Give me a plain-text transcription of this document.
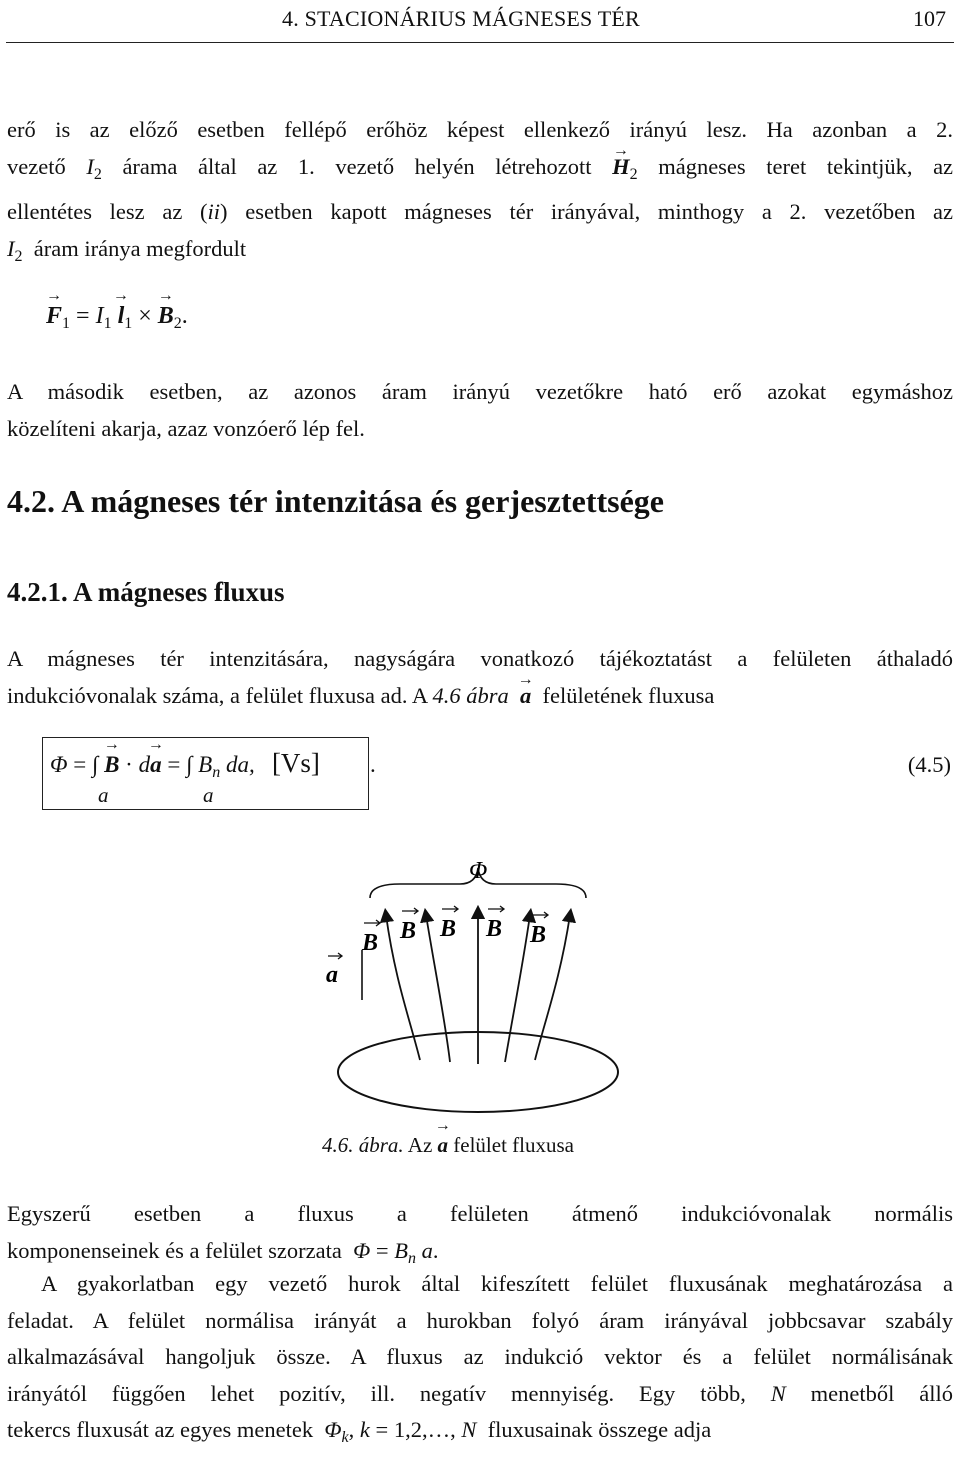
4. STACIONÁRIUS MÁGNESES TÉR	107
erő is az előző esetben fellépő erőhöz képest ellenkező irányú lesz. Ha azonban a 2.
vezető $I_2$ árama által az 1. vezető helyén létrehozott → $H_2$ mágneses teret tekintjük, az
ellentétes lesz az (ii) esetben kapott mágneses tér irányával, minthogy a 2. vezetőben az
$I_2$ áram iránya megfordult
→ $F_1 = I_1 \to l_1$ × → $B_2$.
A második esetben, az azonos áram irányú vezetőkre ható erő azokat egymáshoz
közelíteni akarja, azaz vonzóerő lép fel.
4.2. A mágneses tér intenzitása és gerjesztettsége
4.2.1. A mágneses fluxus
A mágneses tér intenzitására, nagyságára vonatkozó tájékoztatást a felületen áthaladó
indukcióvonalak száma, a felület fluxusa ad. A 4.6 ábra → a felületének fluxusa
Φ = ∫ → B · d→ a = ∫ $B_n$ da, [Vs] .
a	a
(4.5)
Φ
B B B B B
a
4.6. ábra. Az → a felület fluxusa
Egyszerű esetben a fluxus a felületen átmenő indukcióvonalak normális
komponenseinek és a felület szorzata $\Phi = B_n$ a.
A gyakorlatban egy vezető hurok által kifeszített felület fluxusának meghatározása a
feladat. A felület normálisa irányát a hurokban folyó áram irányával jobbcsavar szabály
alkalmazásával hangoljuk össze. A fluxus az indukció vektor és a felület normálisának
irányától függően lehet pozitív, ill. negatív mennyiség. Egy több, N menetből álló
tekercs fluxusát az egyes menetek $\Phi_k$, k = 1,2,…, N fluxusainak összege adja
